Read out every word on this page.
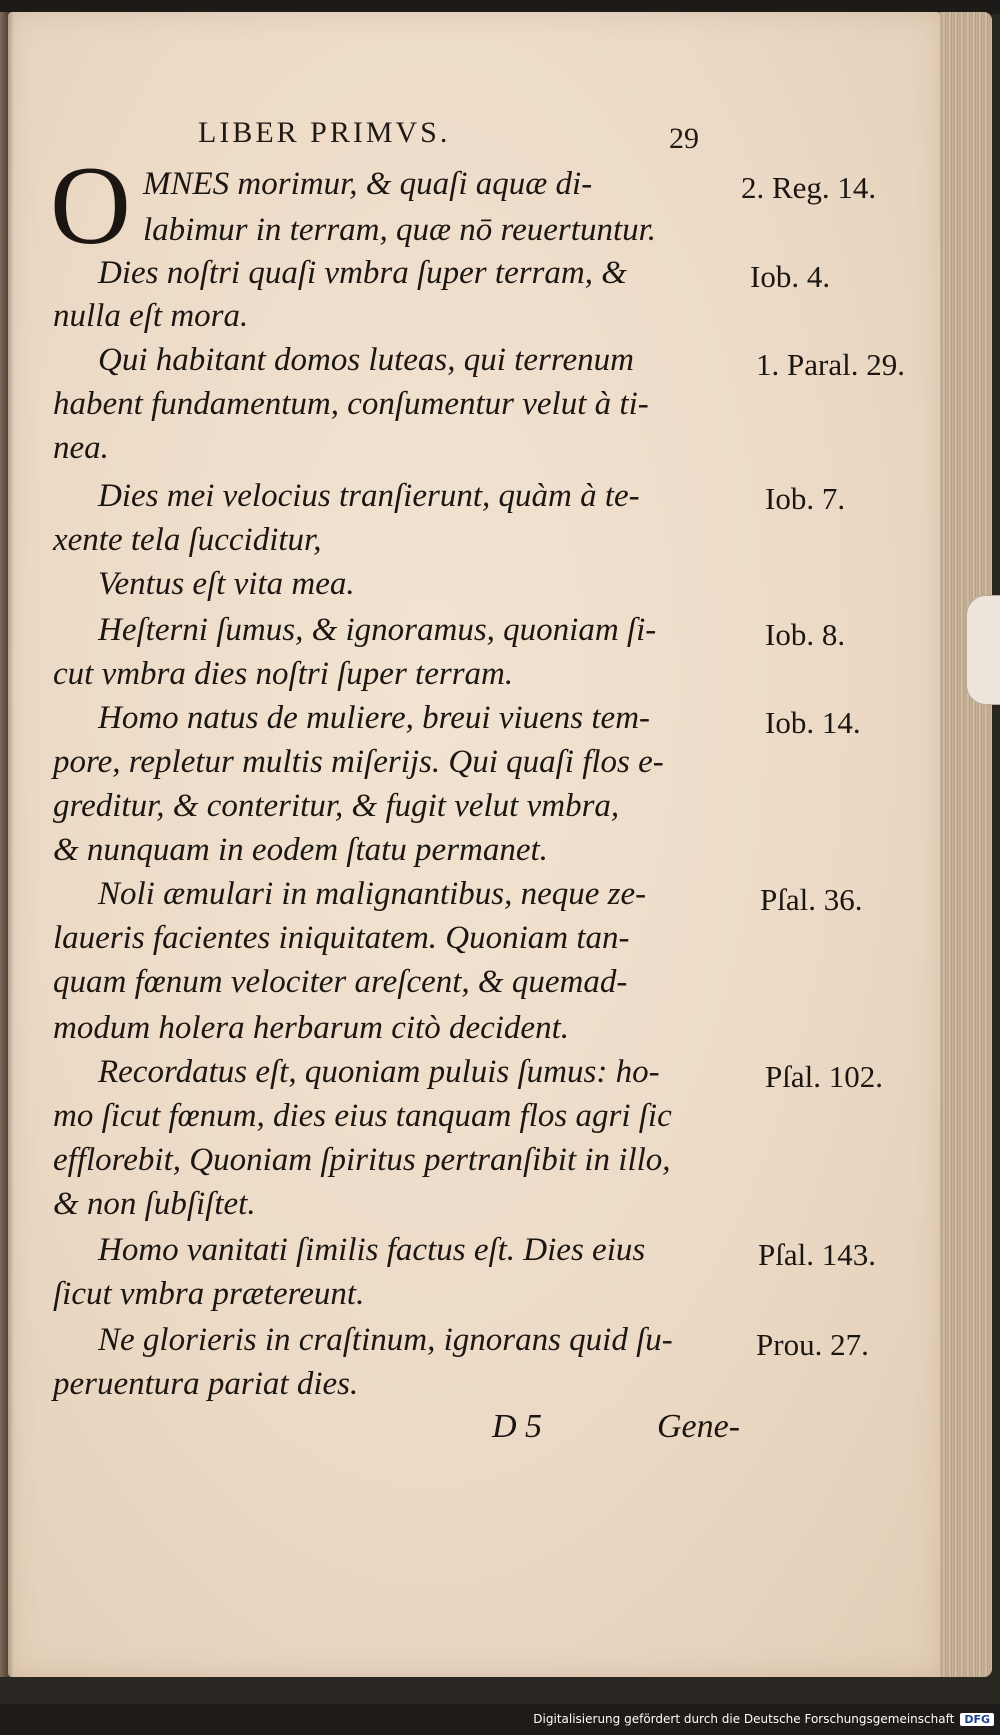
LIBER PRIMVS.	29
O MNES morimur, & quaſi aquæ di-
labimur in terram, quæ nō reuertuntur.
Dies noſtri quaſi vmbra ſuper terram, &
nulla eſt mora.
Qui habitant domos luteas, qui terrenum
habent fundamentum, conſumentur velut à ti-
nea.
Dies mei velocius tranſierunt, quàm à te-
xente tela ſucciditur,
Ventus eſt vita mea.
Heſterni ſumus, & ignoramus, quoniam ſi-
cut vmbra dies noſtri ſuper terram.
Homo natus de muliere, breui viuens tem-
pore, repletur multis miſerijs. Qui quaſi flos e-
greditur, & conteritur, & fugit velut vmbra,
& nunquam in eodem ſtatu permanet.
Noli æmulari in malignantibus, neque ze-
laueris facientes iniquitatem. Quoniam tan-
quam fœnum velociter areſcent, & quemad-
modum holera herbarum citò decident.
Recordatus eſt, quoniam puluis ſumus: ho-
mo ſicut fœnum, dies eius tanquam flos agri ſic
efflorebit, Quoniam ſpiritus pertranſibit in illo,
& non ſubſiſtet.
Homo vanitati ſimilis factus eſt. Dies eius
ſicut vmbra prætereunt.
Ne glorieris in craſtinum, ignorans quid ſu-
peruentura pariat dies.
2. Reg. 14.
Iob. 4.
1. Paral. 29.
Iob. 7.
Iob. 8.
Iob. 14.
Pſal. 36.
Pſal. 102.
Pſal. 143.
Prou. 27.
D 5	Gene-
Digitalisierung gefördert durch die Deutsche Forschungsgemeinschaft DFG
